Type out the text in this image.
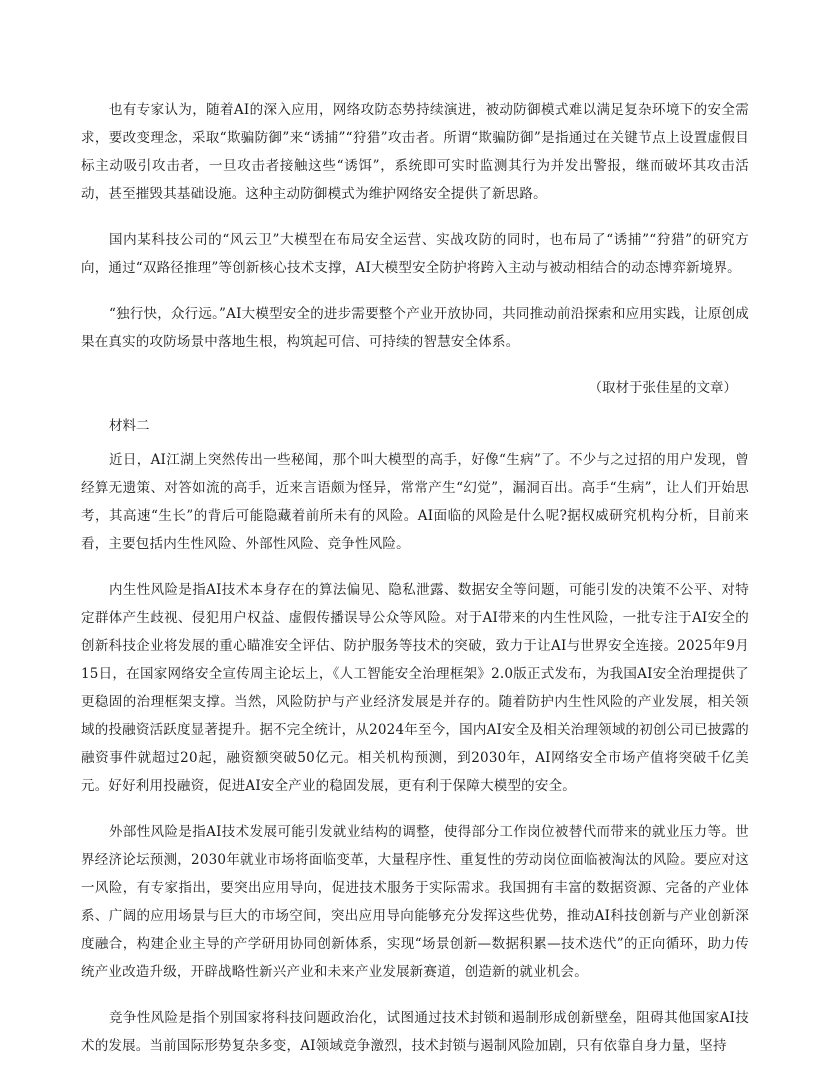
也有专家认为，随着AI的深入应用，网络攻防态势持续演进，被动防御模式难以满足复杂环境下的安全需求，要改变理念，采取“欺骗防御”来“诱捕”“狩猎”攻击者。所谓“欺骗防御”是指通过在关键节点上设置虚假目标主动吸引攻击者，一旦攻击者接触这些“诱饵”，系统即可实时监测其行为并发出警报，继而破坏其攻击活动，甚至摧毁其基础设施。这种主动防御模式为维护网络安全提供了新思路。

国内某科技公司的“风云卫”大模型在布局安全运营、实战攻防的同时，也布局了“诱捕”“狩猎”的研究方向，通过“双路径推理”等创新核心技术支撑，AI大模型安全防护将跨入主动与被动相结合的动态博弈新境界。

“独行快，众行远。”AI大模型安全的进步需要整个产业开放协同，共同推动前沿探索和应用实践，让原创成果在真实的攻防场景中落地生根，构筑起可信、可持续的智慧安全体系。

（取材于张佳星的文章）

材料二

近日，AI江湖上突然传出一些秘闻，那个叫大模型的高手，好像“生病”了。不少与之过招的用户发现，曾经算无遗策、对答如流的高手，近来言语颇为怪异，常常产生“幻觉”，漏洞百出。高手“生病”，让人们开始思考，其高速“生长”的背后可能隐藏着前所未有的风险。AI面临的风险是什么呢?据权威研究机构分析，目前来看，主要包括内生性风险、外部性风险、竞争性风险。

内生性风险是指AI技术本身存在的算法偏见、隐私泄露、数据安全等问题，可能引发的决策不公平、对特定群体产生歧视、侵犯用户权益、虚假传播误导公众等风险。对于AI带来的内生性风险，一批专注于AI安全的创新科技企业将发展的重心瞄准安全评估、防护服务等技术的突破，致力于让AI与世界安全连接。2025年9月15日，在国家网络安全宣传周主论坛上，《人工智能安全治理框架》2.0版正式发布，为我国AI安全治理提供了更稳固的治理框架支撑。当然，风险防护与产业经济发展是并存的。随着防护内生性风险的产业发展，相关领域的投融资活跃度显著提升。据不完全统计，从2024年至今，国内AI安全及相关治理领域的初创公司已披露的融资事件就超过20起，融资额突破50亿元。相关机构预测，到2030年，AI网络安全市场产值将突破千亿美元。好好利用投融资，促进AI安全产业的稳固发展，更有利于保障大模型的安全。

外部性风险是指AI技术发展可能引发就业结构的调整，使得部分工作岗位被替代而带来的就业压力等。世界经济论坛预测，2030年就业市场将面临变革，大量程序性、重复性的劳动岗位面临被淘汰的风险。要应对这一风险，有专家指出，要突出应用导向，促进技术服务于实际需求。我国拥有丰富的数据资源、完备的产业体系、广阔的应用场景与巨大的市场空间，突出应用导向能够充分发挥这些优势，推动AI科技创新与产业创新深度融合，构建企业主导的产学研用协同创新体系，实现“场景创新—数据积累—技术迭代”的正向循环，助力传统产业改造升级，开辟战略性新兴产业和未来产业发展新赛道，创造新的就业机会。

竞争性风险是指个别国家将科技问题政治化，试图通过技术封锁和遏制形成创新壁垒，阻碍其他国家AI技术的发展。当前国际形势复杂多变，AI领域竞争激烈，技术封锁与遏制风险加剧，只有依靠自身力量，坚持
